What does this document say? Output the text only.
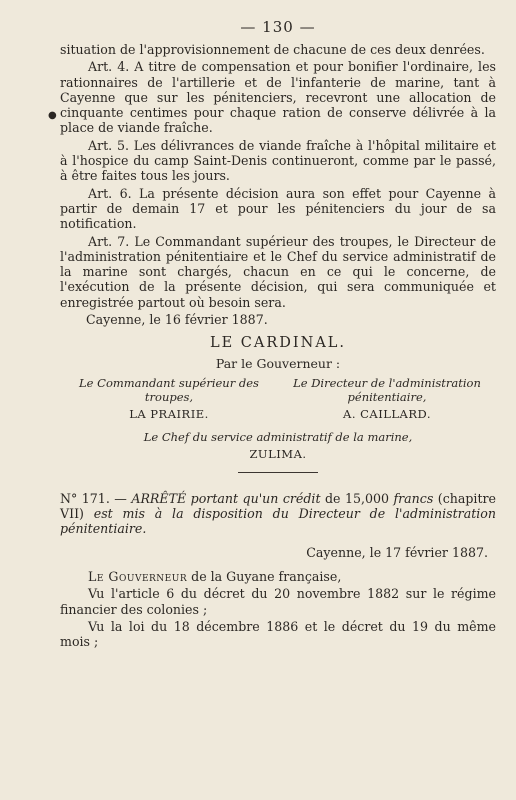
●
— 130 —

situation de l'approvisionnement de chacune de ces deux denrées.

Art. 4. A titre de compensation et pour bonifier l'ordinaire, les rationnaires de l'artillerie et de l'infanterie de marine, tant à Cayenne que sur les pénitenciers, recevront une allocation de cinquante centimes pour chaque ration de conserve délivrée à la place de viande fraîche.

Art. 5. Les délivrances de viande fraîche à l'hôpital militaire et à l'hospice du camp Saint-Denis continueront, comme par le passé, à être faites tous les jours.

Art. 6. La présente décision aura son effet pour Cayenne à partir de demain 17 et pour les pénitenciers du jour de sa notification.

Art. 7. Le Commandant supérieur des troupes, le Directeur de l'administration pénitentiaire et le Chef du service administratif de la marine sont chargés, chacun en ce qui le concerne, de l'exécution de la présente décision, qui sera communiquée et enregistrée partout où besoin sera.

Cayenne, le 16 février 1887.

LE CARDINAL.
Par le Gouverneur :
Le Commandant supérieur des
troupes,
LA PRAIRIE.
Le Directeur de l'administration
pénitentiaire,
A. CAILLARD.
Le Chef du service administratif de la marine,
ZULIMA.
N° 171. — ARRÊTÉ portant qu'un crédit de 15,000 francs (chapitre VII) est mis à la disposition du Directeur de l'administration pénitentiaire.

Cayenne, le 17 février 1887.

Le Gouverneur de la Guyane française,

Vu l'article 6 du décret du 20 novembre 1882 sur le régime financier des colonies ;

Vu la loi du 18 décembre 1886 et le décret du 19 du même mois ;
